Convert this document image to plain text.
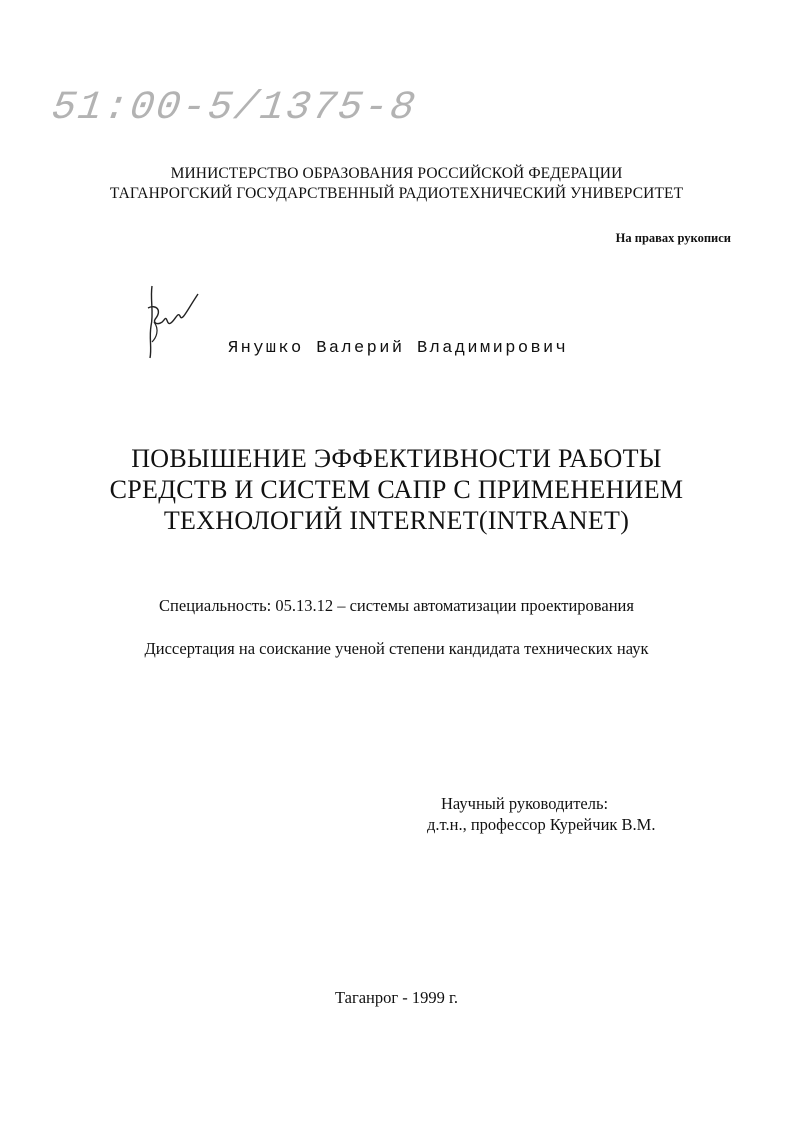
51:00-5/1375-8
МИНИСТЕРСТВО ОБРАЗОВАНИЯ РОССИЙСКОЙ ФЕДЕРАЦИИ
ТАГАНРОГСКИЙ ГОСУДАРСТВЕННЫЙ РАДИОТЕХНИЧЕСКИЙ УНИВЕРСИТЕТ
На правах рукописи
Янушко Валерий Владимирович
ПОВЫШЕНИЕ ЭФФЕКТИВНОСТИ РАБОТЫ
СРЕДСТВ И СИСТЕМ САПР С ПРИМЕНЕНИЕМ
ТЕХНОЛОГИЙ INTERNET(INTRANET)
Специальность: 05.13.12 – системы автоматизации проектирования
Диссертация на соискание ученой степени кандидата технических наук
Научный руководитель:
д.т.н., профессор Курейчик В.М.
Таганрог - 1999 г.
